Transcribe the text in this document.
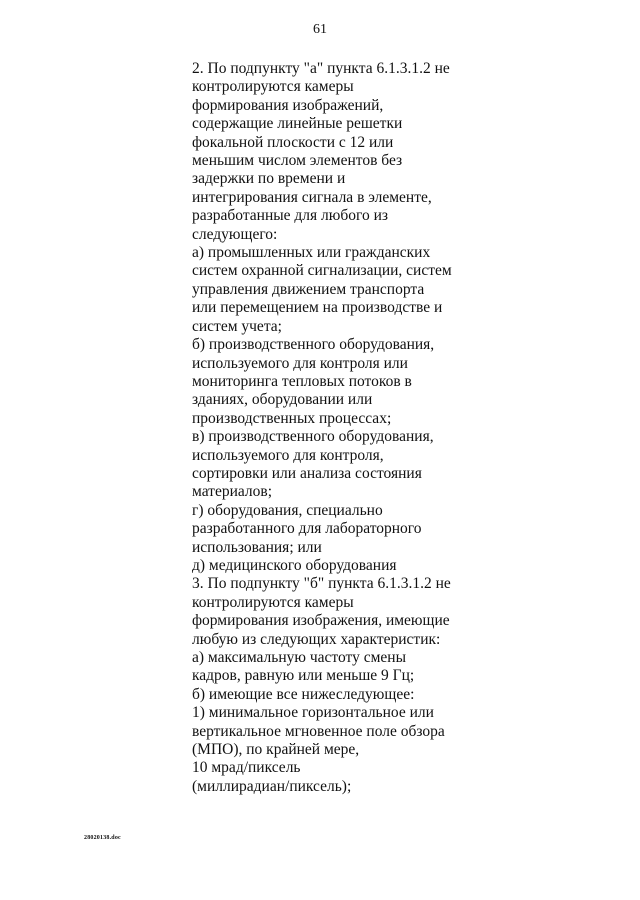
61
2. По подпункту "а" пункта 6.1.3.1.2 не
контролируются камеры
формирования изображений,
содержащие линейные решетки
фокальной плоскости с 12 или
меньшим числом элементов без
задержки по времени и
интегрирования сигнала в элементе,
разработанные для любого из
следующего:
а) промышленных или гражданских
систем охранной сигнализации, систем
управления движением транспорта
или перемещением на производстве и
систем учета;
б) производственного оборудования,
используемого для контроля или
мониторинга тепловых потоков в
зданиях, оборудовании или
производственных процессах;
в) производственного оборудования,
используемого для контроля,
сортировки или анализа состояния
материалов;
г) оборудования, специально
разработанного для лабораторного
использования; или
д) медицинского оборудования
3. По подпункту "б" пункта 6.1.3.1.2 не
контролируются камеры
формирования изображения, имеющие
любую из следующих характеристик:
а) максимальную частоту смены
кадров, равную или меньше 9 Гц;
б) имеющие все нижеследующее:
1) минимальное горизонтальное или
вертикальное мгновенное поле обзора
(МПО), по крайней мере,
10 мрад/пиксель
(миллирадиан/пиксель);
28020138.doc
